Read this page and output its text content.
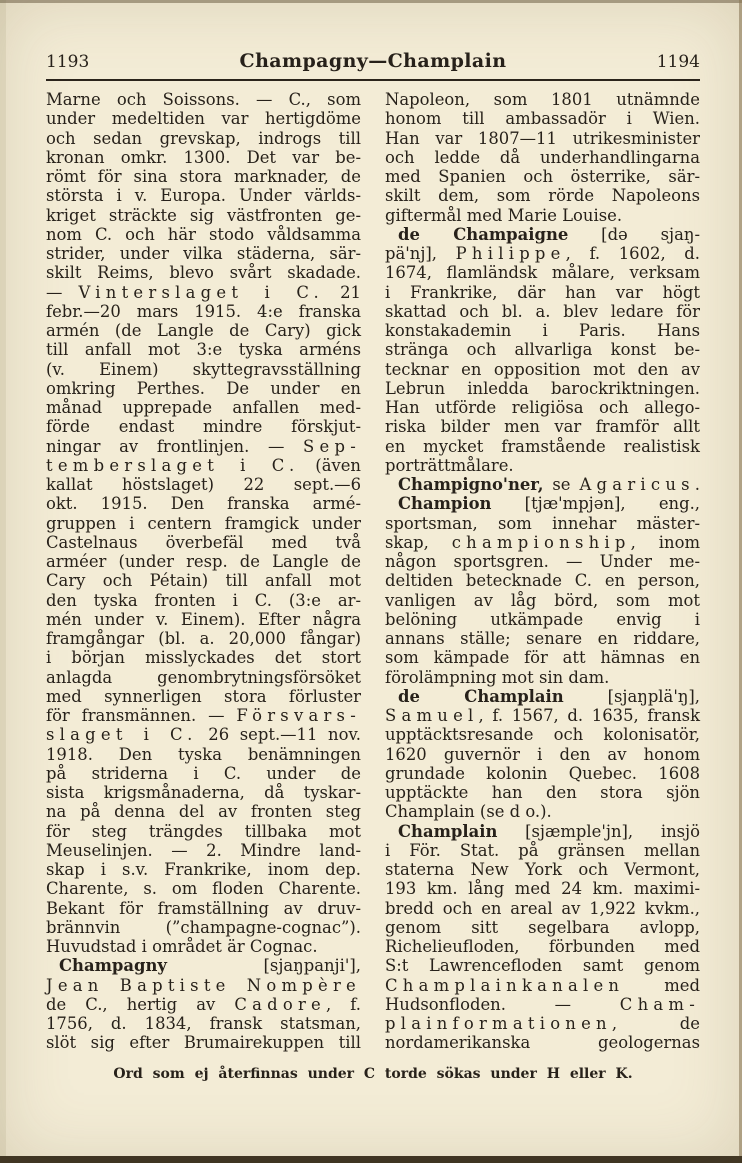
1193	Champagny—Champlain	1194
Marne och Soissons. — C., som
under medeltiden var hertigdöme
och sedan grevskap, indrogs till
kronan omkr. 1300. Det var be-
römt för sina stora marknader, de
största i v. Europa. Under världs-
kriget sträckte sig västfronten ge-
nom C. och här stodo våldsamma
strider, under vilka städerna, sär-
skilt Reims, blevo svårt skadade.
— Vinterslaget i C. 21
febr.—20 mars 1915. 4:e franska
armén (de Langle de Cary) gick
till anfall mot 3:e tyska arméns
(v. Einem) skyttegravsställning
omkring Perthes. De under en
månad upprepade anfallen med-
förde endast mindre förskjut-
ningar av frontlinjen. — Sep-
temberslaget i C. (även
kallat höstslaget) 22 sept.—6
okt. 1915. Den franska armé-
gruppen i centern framgick under
Castelnaus överbefäl med två
arméer (under resp. de Langle de
Cary och Pétain) till anfall mot
den tyska fronten i C. (3:e ar-
mén under v. Einem). Efter några
framgångar (bl. a. 20,000 fångar)
i början misslyckades det stort
anlagda genombrytningsförsöket
med synnerligen stora förluster
för fransmännen. — Försvars-
slaget i C. 26 sept.—11 nov.
1918. Den tyska benämningen
på striderna i C. under de
sista krigsmånaderna, då tyskar-
na på denna del av fronten steg
för steg trängdes tillbaka mot
Meuselinjen. — 2. Mindre land-
skap i s.v. Frankrike, inom dep.
Charente, s. om floden Charente.
Bekant för framställning av druv-
brännvin (”champagne-cognac”).
Huvudstad i området är Cognac.
Champagny [sjaŋpanji'],
Jean Baptiste Nompère
de C., hertig av Cadore, f.
1756, d. 1834, fransk statsman,
slöt sig efter Brumairekuppen till
Napoleon, som 1801 utnämnde
honom till ambassadör i Wien.
Han var 1807—11 utrikesminister
och ledde då underhandlingarna
med Spanien och österrike, sär-
skilt dem, som rörde Napoleons
giftermål med Marie Louise.
de Champaigne [də sjaŋ-
pä'nj], Philippe, f. 1602, d.
1674, flamländsk målare, verksam
i Frankrike, där han var högt
skattad och bl. a. blev ledare för
konstakademin i Paris. Hans
stränga och allvarliga konst be-
tecknar en opposition mot den av
Lebrun inledda barockriktningen.
Han utförde religiösa och allego-
riska bilder men var framför allt
en mycket framstående realistisk
porträttmålare.
Champigno'ner, se Agaricus.
Champion [tjæ'mpjən], eng.,
sportsman, som innehar mäster-
skap, championship, inom
någon sportsgren. — Under me-
deltiden betecknade C. en person,
vanligen av låg börd, som mot
belöning utkämpade envig i
annans ställe; senare en riddare,
som kämpade för att hämnas en
förolämpning mot sin dam.
de Champlain [sjaŋplä'ŋ],
Samuel, f. 1567, d. 1635, fransk
upptäcktsresande och kolonisatör,
1620 guvernör i den av honom
grundade kolonin Quebec. 1608
upptäckte han den stora sjön
Champlain (se d o.).
Champlain [sjæmple'jn], insjö
i För. Stat. på gränsen mellan
staterna New York och Vermont,
193 km. lång med 24 km. maximi-
bredd och en areal av 1,922 kvkm.,
genom sitt segelbara avlopp,
Richelieufloden, förbunden med
S:t Lawrencefloden samt genom
Champlainkanalen med
Hudsonfloden. — Cham-
plainformationen, de
nordamerikanska geologernas
Ord som ej återfinnas under C torde sökas under H eller K.
